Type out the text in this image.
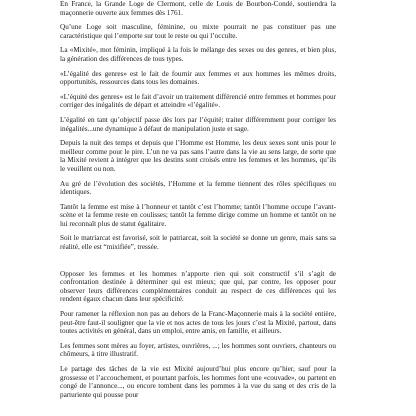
En France, la Grande Loge de Clermont, celle de Louis de Bourbon-Condé, soutiendra la maçonnerie ouverte aux femmes dès 1761.

Qu’une Loge soit masculine, féminine, ou mixte pourrait ne pas constituer pas une caractéristique qui l’emporte sur tout le reste ou qui l’occulte.

La «Mixité», mot féminin, impliqué à la fois le mélange des sexes ou des genres, et bien plus, la génération des différences de tous types.

«L’égalité des genres» est le fait de fournir aux femmes et aux hommes les mêmes droits, opportunités, ressources dans tous les domaines.

«L’équité des genres» est le fait d’avoir un traitement différencié entre femmes et hommes pour corriger des inégalités de départ et atteindre «l’égalité».

L’égalité en tant qu’objectif passe dès lors par l’équité; traiter différemment pour corriger les inégalités...une dynamique à défaut de manipulation juste et sage.

Depuis la nuit des temps et depuis que l’Homme est Homme, les deux sexes sont unis pour le meilleur comme pour le pire. L’un ne va pas sans l’autre dans la vie au sens large, de sorte que la Mixité revient à intégrer que les destins sont croisés entre les femmes et les hommes, qu’ils le veuillent ou non.

Au gré de l’évolution des sociétés, l’Homme et la femme tiennent des rôles spécifiques ou identiques.

Tantôt la femme est mise à l’honneur et tantôt c’est l’homme; tantôt l’homme occupe l’avant-scène et la femme reste en coulisses; tantôt la femme dirige comme un homme et tantôt on ne lui reconnaît plus de statut égalitaire.

Soit le matriarcat est favorisé, soit le patriarcat, soit la société se donne un genre, mais sans sa réalité, elle est “mixifiée”, tressée.

Opposer les femmes et les hommes n’apporte rien qui soit constructif s’il s’agit de confrontation destinée à déterminer qui est mieux; que qui, par contre, les opposer pour observer leurs différences complémentaires conduit au respect de ces différences qui les rendent égaux chacun dans leur spécificité.

Pour ramener la réflexion non pas au dehors de la Franc-Maçonnerie mais à la société entière, peut-être faut-il souligner que la vie et nos actes de tous les jours c’est la Mixité, partout, dans toutes activités en général, dans un emploi, entre amis, en famille, et ailleurs.

Les femmes sont mères au foyer, artistes, ouvrières, ...; les hommes sont ouvriers, chanteurs ou chômeurs, à titre illustratif.

Le partage des tâches de la vie est Mixité aujourd’hui plus encore qu’hier, sauf pour la grossesse et l’accouchement, et pourtant parfois, les hommes font une «couvade», ou partent en congé de l’annonce..., ou encore tombent dans les pommes à la vue du sang et des cris de la parturiente qui pousse pour
